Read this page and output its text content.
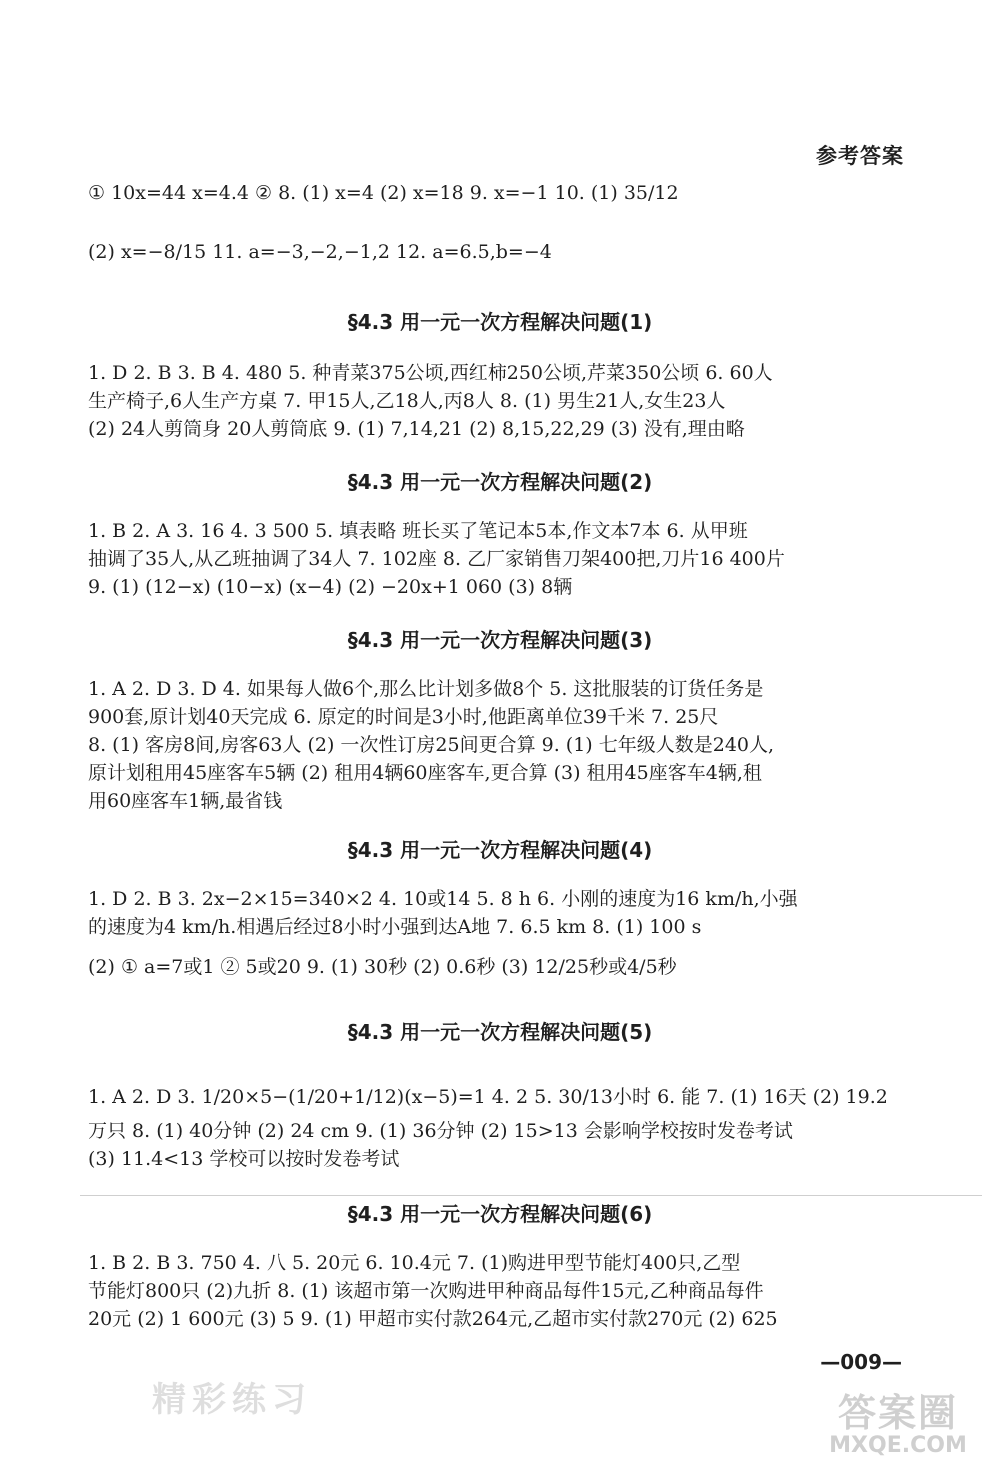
参考答案
① 10x=44 x=4.4 ② 8. (1) x=4 (2) x=18 9. x=−1 10. (1) 35/12
(2) x=−8/15 11. a=−3,−2,−1,2 12. a=6.5,b=−4
§4.3 用一元一次方程解决问题(1)
1. D 2. B 3. B 4. 480 5. 种青菜375公顷,西红柿250公顷,芹菜350公顷 6. 60人
生产椅子,6人生产方桌 7. 甲15人,乙18人,丙8人 8. (1) 男生21人,女生23人
(2) 24人剪筒身 20人剪筒底 9. (1) 7,14,21 (2) 8,15,22,29 (3) 没有,理由略
§4.3 用一元一次方程解决问题(2)
1. B 2. A 3. 16 4. 3 500 5. 填表略 班长买了笔记本5本,作文本7本 6. 从甲班
抽调了35人,从乙班抽调了34人 7. 102座 8. 乙厂家销售刀架400把,刀片16 400片
9. (1) (12−x) (10−x) (x−4) (2) −20x+1 060 (3) 8辆
§4.3 用一元一次方程解决问题(3)
1. A 2. D 3. D 4. 如果每人做6个,那么比计划多做8个 5. 这批服装的订货任务是
900套,原计划40天完成 6. 原定的时间是3小时,他距离单位39千米 7. 25尺
8. (1) 客房8间,房客63人 (2) 一次性订房25间更合算 9. (1) 七年级人数是240人,
原计划租用45座客车5辆 (2) 租用4辆60座客车,更合算 (3) 租用45座客车4辆,租
用60座客车1辆,最省钱
§4.3 用一元一次方程解决问题(4)
1. D 2. B 3. 2x−2×15=340×2 4. 10或14 5. 8 h 6. 小刚的速度为16 km/h,小强
的速度为4 km/h.相遇后经过8小时小强到达A地 7. 6.5 km 8. (1) 100 s
(2) ① a=7或1 ② 5或20 9. (1) 30秒 (2) 0.6秒 (3) 12/25秒或4/5秒
§4.3 用一元一次方程解决问题(5)
1. A 2. D 3. 1/20×5−(1/20+1/12)(x−5)=1 4. 2 5. 30/13小时 6. 能 7. (1) 16天 (2) 19.2
万只 8. (1) 40分钟 (2) 24 cm 9. (1) 36分钟 (2) 15>13 会影响学校按时发卷考试
(3) 11.4<13 学校可以按时发卷考试
§4.3 用一元一次方程解决问题(6)
1. B 2. B 3. 750 4. 八 5. 20元 6. 10.4元 7. (1)购进甲型节能灯400只,乙型
节能灯800只 (2)九折 8. (1) 该超市第一次购进甲种商品每件15元,乙种商品每件
20元 (2) 1 600元 (3) 5 9. (1) 甲超市实付款264元,乙超市实付款270元 (2) 625
—009—
精彩练习	答案圈
MXQE.COM
